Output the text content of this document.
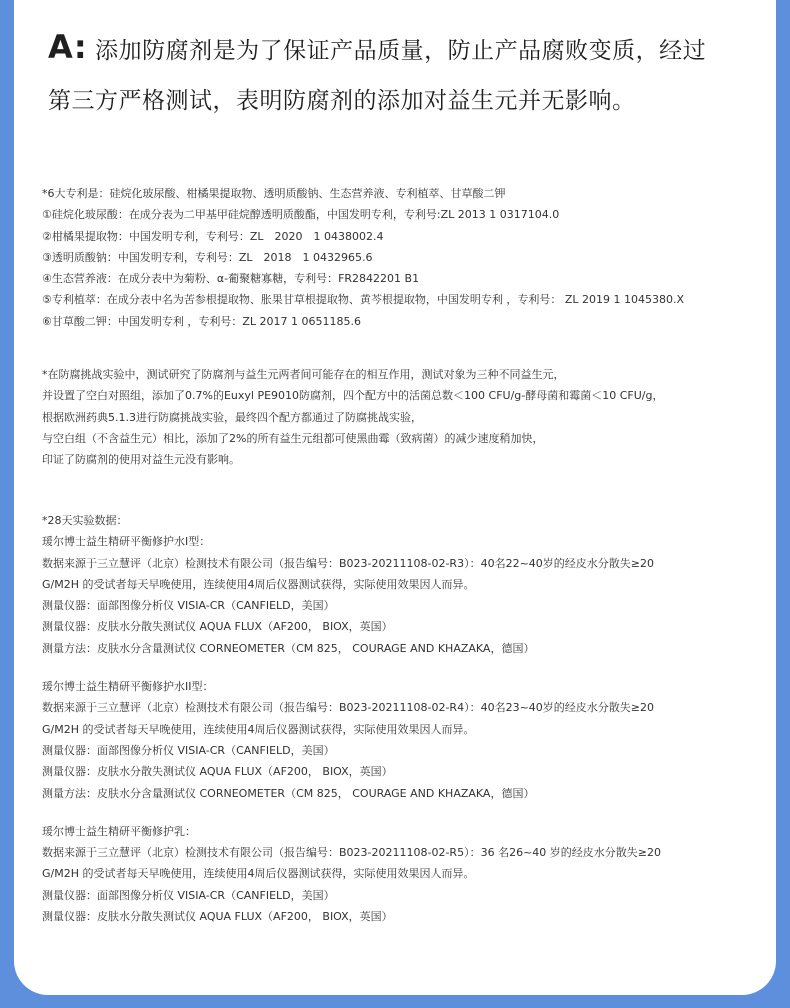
A: 添加防腐剂是为了保证产品质量，防止产品腐败变质，经过
第三方严格测试，表明防腐剂的添加对益生元并无影响。
*6大专利是：硅烷化玻尿酸、柑橘果提取物、透明质酸钠、生态营养液、专利植萃、甘草酸二钾
①硅烷化玻尿酸：在成分表为二甲基甲硅烷醇透明质酸酯，中国发明专利，专利号:ZL 2013 1 0317104.0
②柑橘果提取物：中国发明专利，专利号：ZL　2020　1 0438002.4
③透明质酸钠：中国发明专利，专利号：ZL　2018　1 0432965.6
④生态营养液：在成分表中为菊粉、α-葡聚糖寡糖，专利号：FR2842201 B1
⑤专利植萃：在成分表中名为苦参根提取物、胀果甘草根提取物、黄芩根提取物，中国发明专利 ，专利号： ZL 2019 1 1045380.X
⑥甘草酸二钾：中国发明专利 ，专利号：ZL 2017 1 0651185.6
*在防腐挑战实验中，测试研究了防腐剂与益生元两者间可能存在的相互作用，测试对象为三种不同益生元，
并设置了空白对照组，添加了0.7%的Euxyl PE9010防腐剂，四个配方中的活菌总数＜100 CFU/g-酵母菌和霉菌＜10 CFU/g，
根据欧洲药典5.1.3进行防腐挑战实验，最终四个配方都通过了防腐挑战实验，
与空白组（不含益生元）相比，添加了2%的所有益生元组都可使黑曲霉（致病菌）的减少速度稍加快，
印证了防腐剂的使用对益生元没有影响。
*28天实验数据：
瑗尔博士益生精研平衡修护水I型：
数据来源于三立慧评（北京）检测技术有限公司（报告编号：B023-20211108-02-R3）：40名22~40岁的经皮水分散失≥20
G/M2H 的受试者每天早晚使用，连续使用4周后仪器测试获得，实际使用效果因人而异。
测量仪器：面部图像分析仪 VISIA-CR（CANFIELD，美国）
测量仪器：皮肤水分散失测试仪 AQUA FLUX（AF200， BIOX，英国）
测量方法：皮肤水分含量测试仪 CORNEOMETER（CM 825， COURAGE AND KHAZAKA，德国）
瑗尔博士益生精研平衡修护水II型：
数据来源于三立慧评（北京）检测技术有限公司（报告编号：B023-20211108-02-R4）：40名23~40岁的经皮水分散失≥20
G/M2H 的受试者每天早晚使用，连续使用4周后仪器测试获得，实际使用效果因人而异。
测量仪器：面部图像分析仪 VISIA-CR（CANFIELD，美国）
测量仪器：皮肤水分散失测试仪 AQUA FLUX（AF200， BIOX，英国）
测量方法：皮肤水分含量测试仪 CORNEOMETER（CM 825， COURAGE AND KHAZAKA，德国）
瑗尔博士益生精研平衡修护乳：
数据来源于三立慧评（北京）检测技术有限公司（报告编号：B023-20211108-02-R5）：36 名26~40 岁的经皮水分散失≥20
G/M2H 的受试者每天早晚使用，连续使用4周后仪器测试获得，实际使用效果因人而异。
测量仪器：面部图像分析仪 VISIA-CR（CANFIELD，美国）
测量仪器：皮肤水分散失测试仪 AQUA FLUX（AF200， BIOX，英国）
